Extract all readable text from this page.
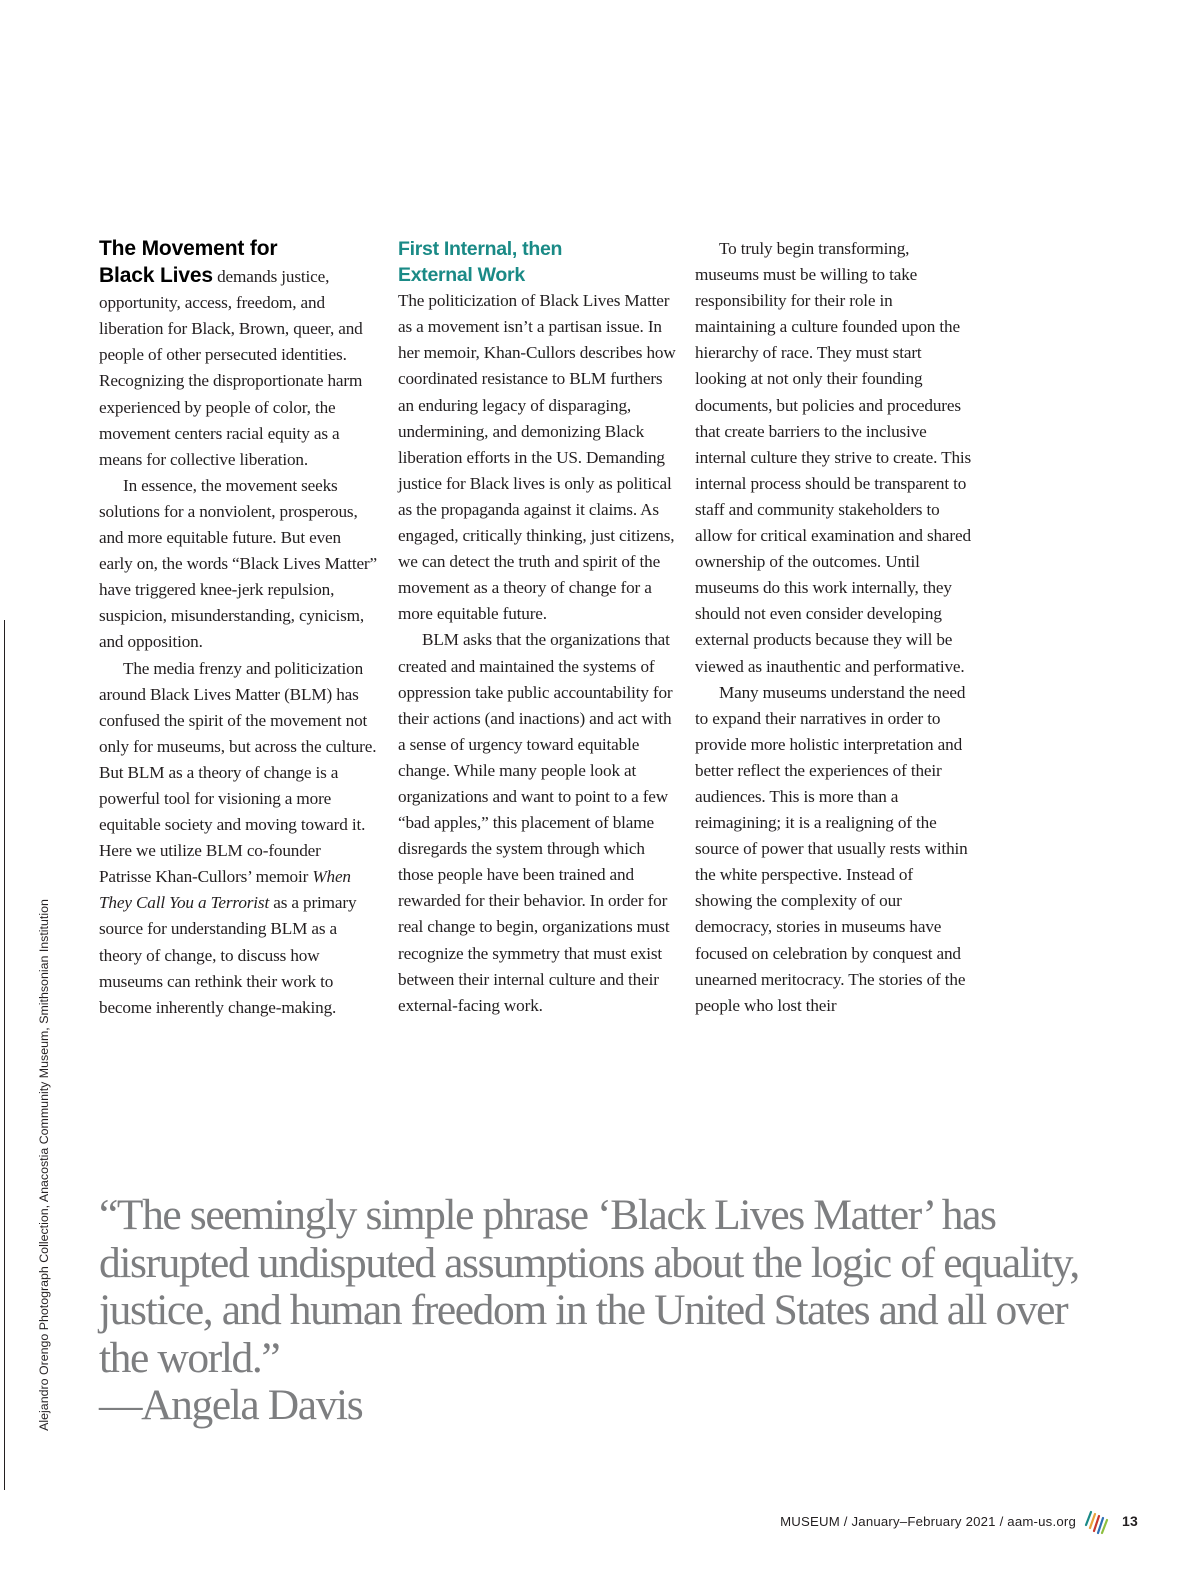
Alejandro Orengo Photograph Collection, Anacostia Community Museum, Smithsonian Institution

The Movement for
Black Lives demands justice, opportunity, access, freedom, and liberation for Black, Brown, queer, and people of other persecuted identities. Recognizing the disproportionate harm experienced by people of color, the movement centers racial equity as a means for collective liberation.

In essence, the movement seeks solutions for a nonviolent, prosperous, and more equitable future. But even early on, the words “Black Lives Matter” have triggered knee-jerk repulsion, suspicion, misunderstanding, cynicism, and opposition.

The media frenzy and politicization around Black Lives Matter (BLM) has confused the spirit of the movement not only for museums, but across the culture. But BLM as a theory of change is a powerful tool for visioning a more equitable society and moving toward it. Here we utilize BLM co-founder Patrisse Khan-Cullors’ memoir When They Call You a Terrorist as a primary source for understanding BLM as a theory of change, to discuss how museums can rethink their work to become inherently change-making.

First Internal, then
External Work

The politicization of Black Lives Matter as a movement isn’t a partisan issue. In her memoir, Khan-Cullors describes how coordinated resistance to BLM furthers an enduring legacy of disparaging, undermining, and demonizing Black liberation efforts in the US. Demanding justice for Black lives is only as political as the propaganda against it claims. As engaged, critically thinking, just citizens, we can detect the truth and spirit of the movement as a theory of change for a more equitable future.

BLM asks that the organizations that created and maintained the systems of oppression take public accountability for their actions (and inactions) and act with a sense of urgency toward equitable change. While many people look at organizations and want to point to a few “bad apples,” this placement of blame disregards the system through which those people have been trained and rewarded for their behavior. In order for real change to begin, organizations must recognize the symmetry that must exist between their internal culture and their external-facing work.

To truly begin transforming, museums must be willing to take responsibility for their role in maintaining a culture founded upon the hierarchy of race. They must start looking at not only their founding documents, but policies and procedures that create barriers to the inclusive internal culture they strive to create. This internal process should be transparent to staff and community stakeholders to allow for critical examination and shared ownership of the outcomes. Until museums do this work internally, they should not even consider developing external products because they will be viewed as inauthentic and performative.

Many museums understand the need to expand their narratives in order to provide more holistic interpretation and better reflect the experiences of their audiences. This is more than a reimagining; it is a realigning of the source of power that usually rests within the white perspective. Instead of showing the complexity of our democracy, stories in museums have focused on celebration by conquest and unearned meritocracy. The stories of the people who lost their

“The seemingly simple phrase ‘Black Lives Matter’ has disrupted undisputed assumptions about the logic of equality, justice, and human freedom in the United States and all over the world.”
—Angela Davis
MUSEUM / January–February 2021 / aam-us.org	13
